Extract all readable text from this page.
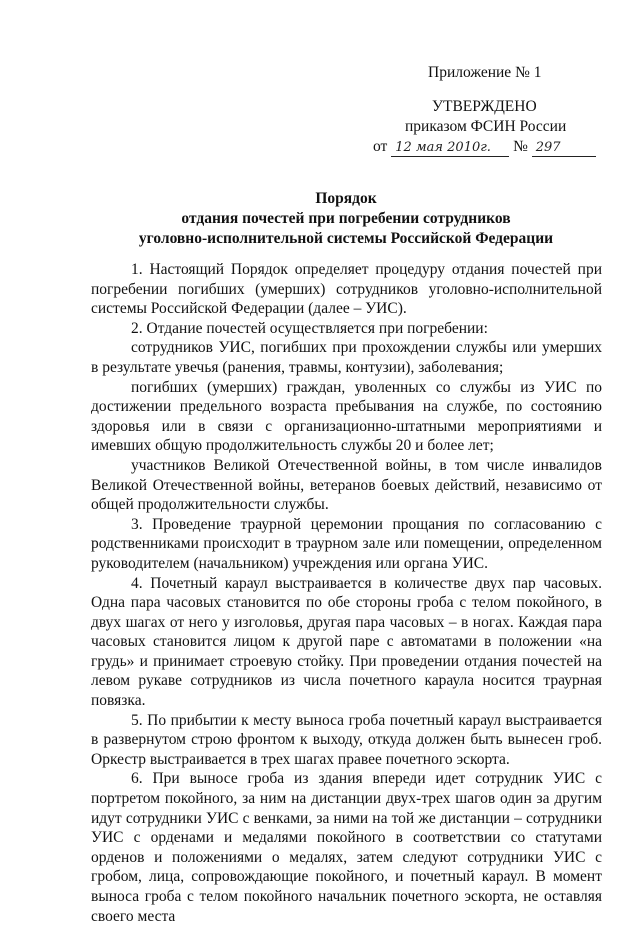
Приложение № 1
УТВЕРЖДЕНО
приказом ФСИН России
от 12 мая 2010г. № 297
Порядок
отдания почестей при погребении сотрудников
уголовно-исполнительной системы Российской Федерации

1. Настоящий Порядок определяет процедуру отдания почестей при погребении погибших (умерших) сотрудников уголовно-исполнительной системы Российской Федерации (далее – УИС).

2. Отдание почестей осуществляется при погребении:

сотрудников УИС, погибших при прохождении службы или умерших в результате увечья (ранения, травмы, контузии), заболевания;

погибших (умерших) граждан, уволенных со службы из УИС по достижении предельного возраста пребывания на службе, по состоянию здоровья или в связи с организационно-штатными мероприятиями и имевших общую продолжительность службы 20 и более лет;

участников Великой Отечественной войны, в том числе инвалидов Великой Отечественной войны, ветеранов боевых действий, независимо от общей продолжительности службы.

3. Проведение траурной церемонии прощания по согласованию с родственниками происходит в траурном зале или помещении, определенном руководителем (начальником) учреждения или органа УИС.

4. Почетный караул выстраивается в количестве двух пар часовых. Одна пара часовых становится по обе стороны гроба с телом покойного, в двух шагах от него у изголовья, другая пара часовых – в ногах. Каждая пара часовых становится лицом к другой паре с автоматами в положении «на грудь» и принимает строевую стойку. При проведении отдания почестей на левом рукаве сотрудников из числа почетного караула носится траурная повязка.

5. По прибытии к месту выноса гроба почетный караул выстраивается в развернутом строю фронтом к выходу, откуда должен быть вынесен гроб. Оркестр выстраивается в трех шагах правее почетного эскорта.

6. При выносе гроба из здания впереди идет сотрудник УИС с портретом покойного, за ним на дистанции двух-трех шагов один за другим идут сотрудники УИС с венками, за ними на той же дистанции – сотрудники УИС с орденами и медалями покойного в соответствии со статутами орденов и положениями о медалях, затем следуют сотрудники УИС с гробом, лица, сопровождающие покойного, и почетный караул. В момент выноса гроба с телом покойного начальник почетного эскорта, не оставляя своего места
